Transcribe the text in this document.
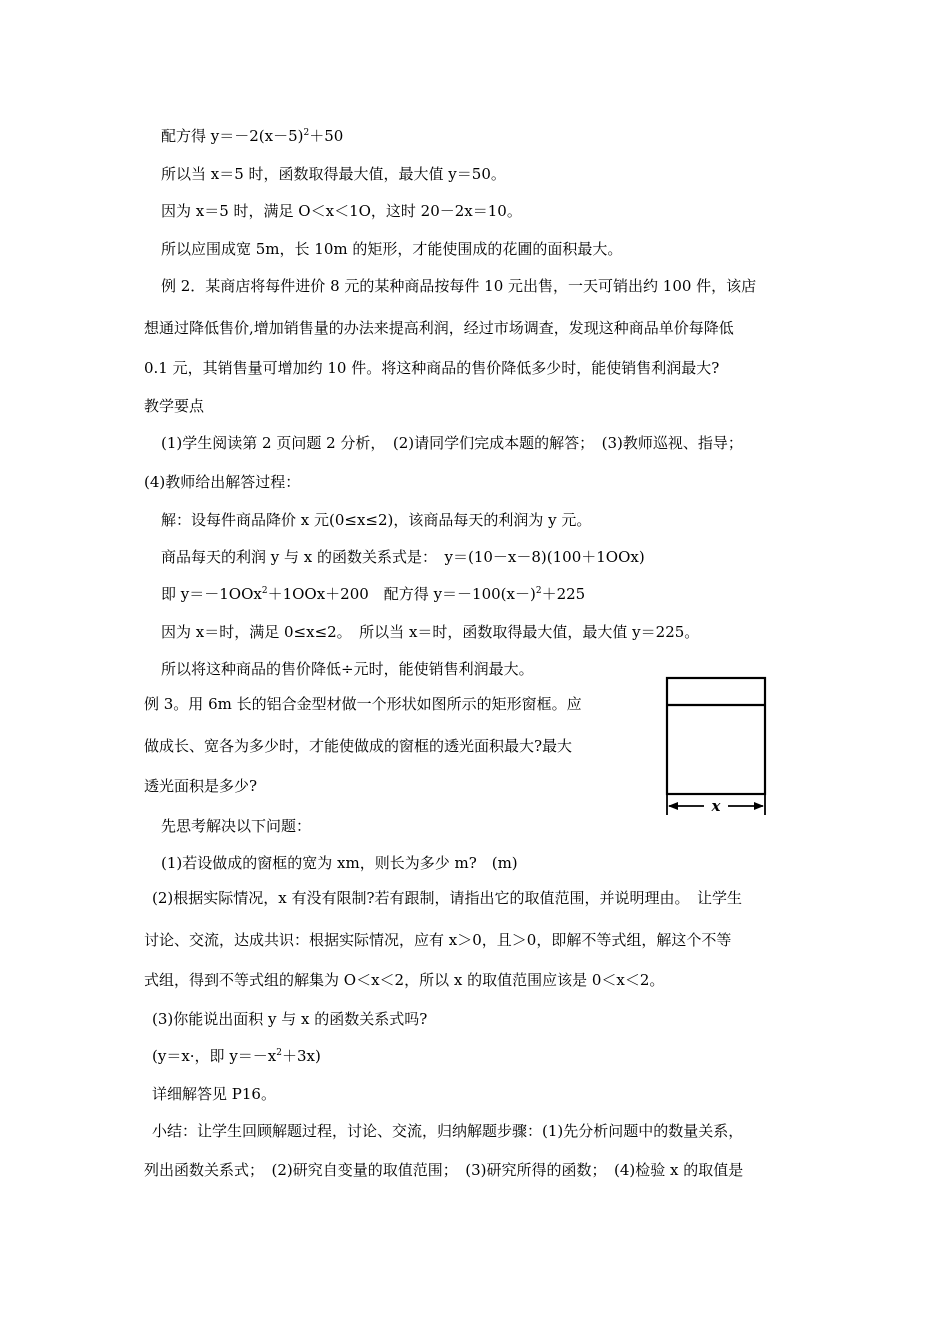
配方得 $y=-2(x-5)^2+50$
所以当 x＝5 时，函数取得最大值，最大值 y＝50。
因为 x＝5 时，满足 O＜x＜1O，这时 20－2x＝10。
所以应围成宽 5m，长 10m 的矩形，才能使围成的花圃的面积最大。
例 2．某商店将每件进价 8 元的某种商品按每件 10 元出售，一天可销出约 100 件，该店
想通过降低售价,增加销售量的办法来提高利润，经过市场调查，发现这种商品单价每降低
0.1 元，其销售量可增加约 10 件。将这种商品的售价降低多少时，能使销售利润最大?
教学要点
(1)学生阅读第 2 页问题 2 分析，　(2)请同学们完成本题的解答；　(3)教师巡视、指导；
(4)教师给出解答过程：
解：设每件商品降价 x 元(0≤x≤2)，该商品每天的利润为 y 元。
商品每天的利润 y 与 x 的函数关系式是：　y＝(10－x－8)(100＋1OOx)
即 y＝－1OOx$^2$＋1OOx＋200　配方得 $y=-100(x-)^2+225$
因为 x＝时，满足 0≤x≤2。　所以当 x＝时，函数取得最大值，最大值 y＝225。
所以将这种商品的售价降低÷元时，能使销售利润最大。
例 3。用 6m 长的铝合金型材做一个形状如图所示的矩形窗框。应
做成长、宽各为多少时，才能使做成的窗框的透光面积最大?最大
透光面积是多少?
先思考解决以下问题：
(1)若设做成的窗框的宽为 xm，则长为多少 m?　(m)
(2)根据实际情况，x 有没有限制?若有跟制，请指出它的取值范围，并说明理由。　让学生
讨论、交流，达成共识：根据实际情况，应有 x＞0，且＞0，即解不等式组，解这个不等
式组，得到不等式组的解集为 O＜x＜2，所以 x 的取值范围应该是 0＜x＜2。
(3)你能说出面积 y 与 x 的函数关系式吗?
(y＝x·，即 $y=-x^2+3x$)
详细解答见 P16。
小结：让学生回顾解题过程，讨论、交流，归纳解题步骤：(1)先分析问题中的数量关系，
列出函数关系式；　(2)研究自变量的取值范围；　(3)研究所得的函数；　(4)检验 x 的取值是
x
